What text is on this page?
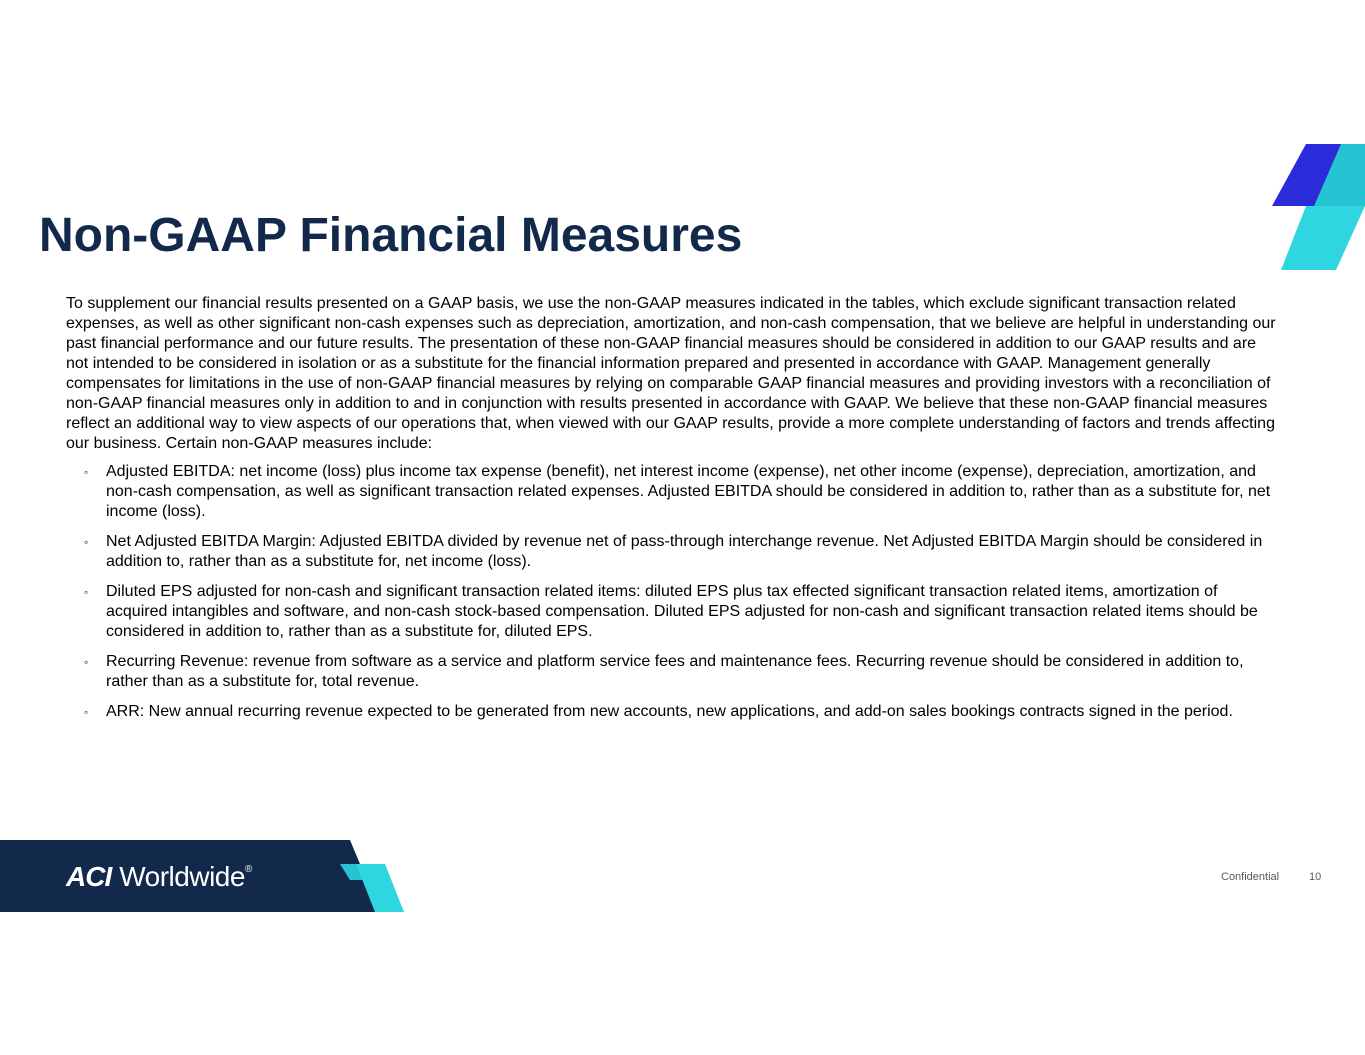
Non-GAAP Financial Measures

To supplement our financial results presented on a GAAP basis, we use the non-GAAP measures indicated in the tables, which exclude significant transaction related expenses, as well as other significant non-cash expenses such as depreciation, amortization, and non-cash compensation, that we believe are helpful in understanding our past financial performance and our future results. The presentation of these non-GAAP financial measures should be considered in addition to our GAAP results and are not intended to be considered in isolation or as a substitute for the financial information prepared and presented in accordance with GAAP. Management generally compensates for limitations in the use of non-GAAP financial measures by relying on comparable GAAP financial measures and providing investors with a reconciliation of non-GAAP financial measures only in addition to and in conjunction with results presented in accordance with GAAP. We believe that these non-GAAP financial measures reflect an additional way to view aspects of our operations that, when viewed with our GAAP results, provide a more complete understanding of factors and trends affecting our business. Certain non-GAAP measures include:

◦ Adjusted EBITDA: net income (loss) plus income tax expense (benefit), net interest income (expense), net other income (expense), depreciation, amortization, and non-cash compensation, as well as significant transaction related expenses. Adjusted EBITDA should be considered in addition to, rather than as a substitute for, net income (loss).
◦ Net Adjusted EBITDA Margin: Adjusted EBITDA divided by revenue net of pass-through interchange revenue. Net Adjusted EBITDA Margin should be considered in addition to, rather than as a substitute for, net income (loss).
◦ Diluted EPS adjusted for non-cash and significant transaction related items: diluted EPS plus tax effected significant transaction related items, amortization of acquired intangibles and software, and non-cash stock-based compensation. Diluted EPS adjusted for non-cash and significant transaction related items should be considered in addition to, rather than as a substitute for, diluted EPS.
◦ Recurring Revenue: revenue from software as a service and platform service fees and maintenance fees. Recurring revenue should be considered in addition to, rather than as a substitute for, total revenue.
◦ ARR: New annual recurring revenue expected to be generated from new accounts, new applications, and add-on sales bookings contracts signed in the period.
ACI Worldwide ®
Confidential	10
